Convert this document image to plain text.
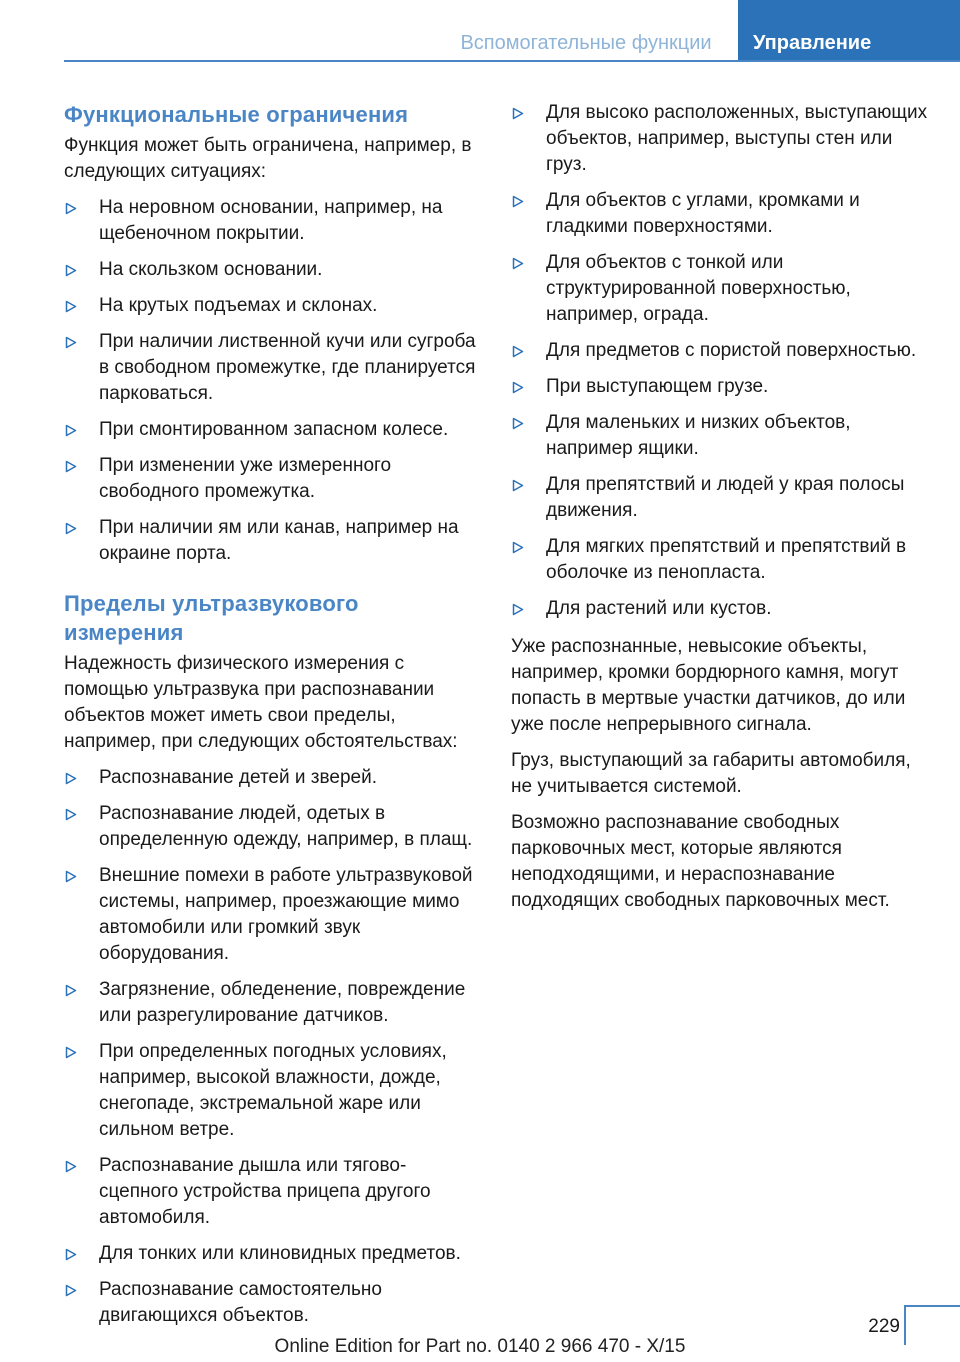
Вспомогательные функции	Управление
Функциональные ограничения

Функция может быть ограничена, например, в следующих ситуациях:

На неровном основании, например, на щебеночном покрытии.
На скользком основании.
На крутых подъемах и склонах.
При наличии лиственной кучи или сугроба в свободном промежутке, где планируется парковаться.
При смонтированном запасном колесе.
При изменении уже измеренного свободного промежутка.
При наличии ям или канав, например на окраине порта.
Пределы ультразвукового измерения

Надежность физического измерения с помощью ультразвука при распознавании объектов может иметь свои пределы, например, при следующих обстоятельствах:

Распознавание детей и зверей.
Распознавание людей, одетых в определенную одежду, например, в плащ.
Внешние помехи в работе ультразвуковой системы, например, проезжающие мимо автомобили или громкий звук оборудования.
Загрязнение, обледенение, повреждение или разрегулирование датчиков.
При определенных погодных условиях, например, высокой влажности, дожде, снегопаде, экстремальной жаре или сильном ветре.
Распознавание дышла или тягово-сцепного устройства прицепа другого автомобиля.
Для тонких или клиновидных предметов.
Распознавание самостоятельно двигающихся объектов.
Для высоко расположенных, выступающих объектов, например, выступы стен или груз.
Для объектов с углами, кромками и гладкими поверхностями.
Для объектов с тонкой или структурированной поверхностью, например, ограда.
Для предметов с пористой поверхностью.
При выступающем грузе.
Для маленьких и низких объектов, например ящики.
Для препятствий и людей у края полосы движения.
Для мягких препятствий и препятствий в оболочке из пенопласта.
Для растений или кустов.

Уже распознанные, невысокие объекты, например, кромки бордюрного камня, могут попасть в мертвые участки датчиков, до или уже после непрерывного сигнала.

Груз, выступающий за габариты автомобиля, не учитывается системой.

Возможно распознавание свободных парковочных мест, которые являются неподходящими, и нераспознавание подходящих свободных парковочных мест.

229
Online Edition for Part no. 0140 2 966 470 - X/15
